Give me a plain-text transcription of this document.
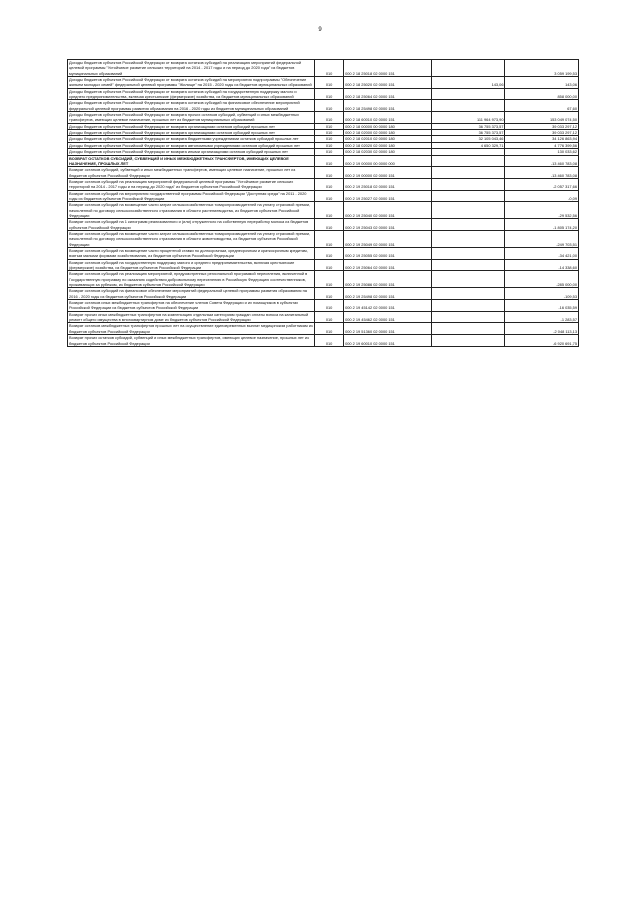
9
Доходы бюджетов субъектов Российской Федерации от возврата остатков субсидий на реализацию мероприятий федеральной целевой программы "Устойчивое развитие сельских территорий на 2014 - 2017 годы и на период до 2020 года" из бюджетов муниципальных образований	010	000 2 18 25018 02 0000 151		3 059 199,53
Доходы бюджетов субъектов Российской Федерации от возврата остатков субсидий на мероприятия подпрограммы "Обеспечение жильем молодых семей" федеральной целевой программы "Жилище" на 2015 - 2020 годы из бюджетов муниципальных образований	010	000 2 18 25020 02 0000 151	143,06	143,06
Доходы бюджетов субъектов Российской Федерации от возврата остатков субсидий на государственную поддержку малого и среднего предпринимательства, включая крестьянские (фермерские) хозяйства, из бюджетов муниципальных образований	010	000 2 18 25064 02 0000 151		858 000,00
Доходы бюджетов субъектов Российской Федерации от возврата остатков субсидий на финансовое обеспечение мероприятий федеральной целевой программы развития образования на 2016 - 2020 годы из бюджетов муниципальных образований	010	000 2 18 25498 02 0000 151		67,60
Доходы бюджетов субъектов Российской Федерации от возврата прочих остатков субсидий, субвенций и иных межбюджетных трансфертов, имеющих целевое назначение, прошлых лет из бюджетов муниципальных образований	010	000 2 18 60010 02 0000 151	111 964 973,90	153 049 074,50
Доходы бюджетов субъектов Российской Федерации от возврата организациями остатков субсидий прошлых лет	010	000 2 18 00000 00 0000 180	36 755 373,57	39 033 297,12
Доходы бюджетов субъектов Российской Федерации от возврата организациями остатков субсидий прошлых лет	010	000 2 18 02000 02 0000 180	36 755 373,57	39 033 297,12
Доходы бюджетов субъектов Российской Федерации от возврата бюджетными учреждениями остатков субсидий прошлых лет	010	000 2 18 02010 02 0000 180	32 105 043,46	34 126 863,94
Доходы бюджетов субъектов Российской Федерации от возврата автономными учреждениями остатков субсидий прошлых лет	010	000 2 18 02020 02 0000 180	4 650 329,71	4 776 399,56
Доходы бюджетов субъектов Российской Федерации от возврата иными организациями остатков субсидий прошлых лет	010	000 2 18 02030 02 0000 180		130 033,62
ВОЗВРАТ ОСТАТКОВ СУБСИДИЙ, СУБВЕНЦИЙ И ИНЫХ МЕЖБЮДЖЕТНЫХ ТРАНСФЕРТОВ, ИМЕЮЩИХ ЦЕЛЕВОЕ НАЗНАЧЕНИЕ, ПРОШЛЫХ ЛЕТ	010	000 2 19 00000 00 0000 000		-13 460 783,08
Возврат остатков субсидий, субвенций и иных межбюджетных трансфертов, имеющих целевое назначение, прошлых лет из бюджетов субъектов Российской Федерации	010	000 2 19 00000 02 0000 151		-13 460 783,08
Возврат остатков субсидий на реализацию мероприятий федеральной целевой программы "Устойчивое развитие сельских территорий на 2014 - 2017 годы и на период до 2020 года" из бюджетов субъектов Российской Федерации	010	000 2 19 25018 02 0000 151		-2 057 317,66
Возврат остатков субсидий на мероприятия государственной программы Российской Федерации "Доступная среда" на 2011 - 2020 годы из бюджетов субъектов Российской Федерации	010	000 2 19 25027 02 0000 151		-0,09
Возврат остатков субсидий на возмещение части затрат сельскохозяйственных товаропроизводителей на уплату страховой премии, начисленной по договору сельскохозяйственного страхования в области растениеводства, из бюджетов субъектов Российской Федерации	010	000 2 19 25040 02 0000 151		-29 532,56
Возврат остатков субсидий на 1 килограмм реализованного и (или) отгруженного на собственную переработку молока из бюджетов субъектов Российской Федерации	010	000 2 19 25043 02 0000 151		-1 805 174,20
Возврат остатков субсидий на возмещение части затрат сельскохозяйственных товаропроизводителей на уплату страховой премии, начисленной по договору сельскохозяйственного страхования в области животноводства, из бюджетов субъектов Российской Федерации	010	000 2 19 25049 02 0000 151		-249 703,51
Возврат остатков субсидий на возмещение части процентной ставки по долгосрочным, среднесрочным и краткосрочным кредитам, взятым малыми формами хозяйствования, из бюджетов субъектов Российской Федерации	010	000 2 19 25055 02 0000 151		-34 421,00
Возврат остатков субсидий на государственную поддержку малого и среднего предпринимательства, включая крестьянские (фермерские) хозяйства, из бюджетов субъектов Российской Федерации	010	000 2 19 25064 02 0000 151		-14 338,60
Возврат остатков субсидий на реализацию мероприятий, предусмотренных региональной программой переселения, включенной в Государственную программу по оказанию содействия добровольному переселению в Российскую Федерацию соотечественников, проживающих за рубежом, из бюджетов субъектов Российской Федерации	010	000 2 19 25086 02 0000 151		-285 000,00
Возврат остатков субсидий на финансовое обеспечение мероприятий федеральной целевой программы развития образования на 2016 - 2020 годы из бюджетов субъектов Российской Федерации	010	000 2 19 25498 02 0000 151		-109,53
Возврат остатков иных межбюджетных трансфертов на обеспечение членов Совета Федерации и их помощников в субъектах Российской Федерации из бюджетов субъектов Российской Федерации	010	000 2 19 45142 02 0000 151		-16 035,59
Возврат прочих иных межбюджетных трансфертов на компенсацию отдельным категориям граждан оплаты взноса на капитальный ремонт общего имущества в многоквартирном доме из бюджетов субъектов Российской Федерации	010	000 2 19 45462 02 0000 151		-1 283,57
Возврат остатков межбюджетных трансфертов прошлых лет на осуществление единовременных выплат медицинским работникам из бюджетов субъектов Российской Федерации	010	000 2 19 51360 02 0000 151		-2 048 113,13
Возврат прочих остатков субсидий, субвенций и иных межбюджетных трансфертов, имеющих целевое назначение, прошлых лет из бюджетов субъектов Российской Федерации	010	000 2 19 60010 02 0000 151		-6 920 691,75
